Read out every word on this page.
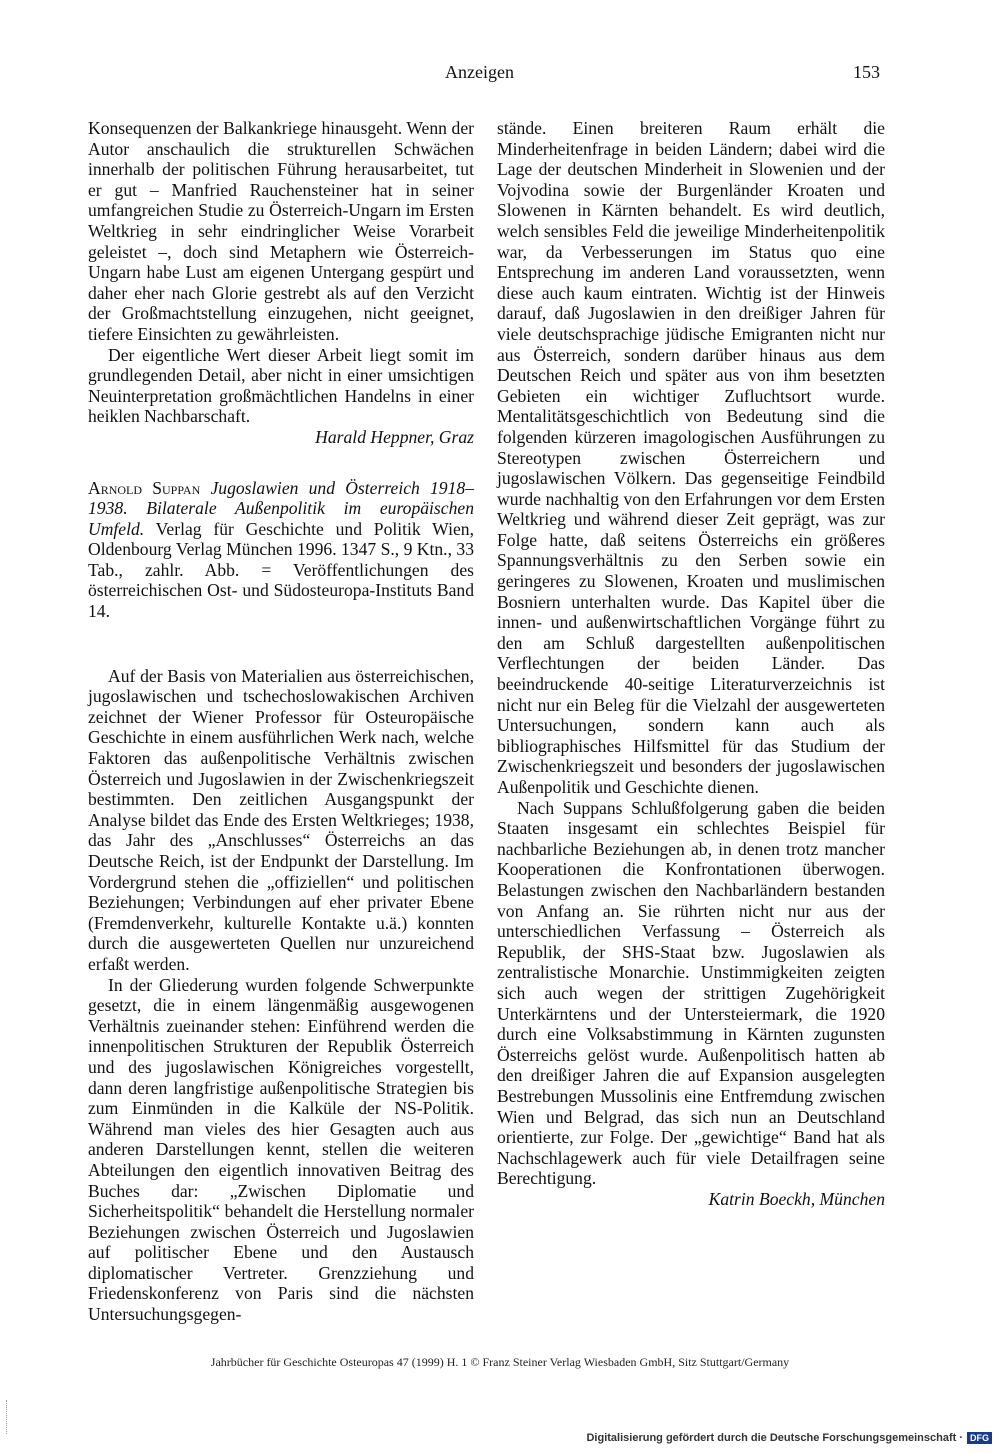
Anzeigen	153

Konsequenzen der Balkankriege hinausgeht. Wenn der Autor anschaulich die strukturellen Schwächen innerhalb der politischen Führung herausarbeitet, tut er gut – Manfried Rauchensteiner hat in seiner umfangreichen Studie zu Österreich-Ungarn im Ersten Weltkrieg in sehr eindringlicher Weise Vorarbeit geleistet –, doch sind Metaphern wie Österreich-Ungarn habe Lust am eigenen Untergang gespürt und daher eher nach Glorie gestrebt als auf den Verzicht der Großmachtstellung einzugehen, nicht geeignet, tiefere Einsichten zu gewährleisten.

Der eigentliche Wert dieser Arbeit liegt somit im grundlegenden Detail, aber nicht in einer umsichtigen Neuinterpretation großmächtlichen Handelns in einer heiklen Nachbarschaft.

Harald Heppner, Graz

Arnold Suppan Jugoslawien und Österreich 1918–1938. Bilaterale Außenpolitik im europäischen Umfeld. Verlag für Geschichte und Politik Wien, Oldenbourg Verlag München 1996. 1347 S., 9 Ktn., 33 Tab., zahlr. Abb. = Veröffentlichungen des österreichischen Ost- und Südosteuropa-Instituts Band 14.

Auf der Basis von Materialien aus österreichischen, jugoslawischen und tschechoslowakischen Archiven zeichnet der Wiener Professor für Osteuropäische Geschichte in einem ausführlichen Werk nach, welche Faktoren das außenpolitische Verhältnis zwischen Österreich und Jugoslawien in der Zwischenkriegszeit bestimmten. Den zeitlichen Ausgangspunkt der Analyse bildet das Ende des Ersten Weltkrieges; 1938, das Jahr des „Anschlusses“ Österreichs an das Deutsche Reich, ist der Endpunkt der Darstellung. Im Vordergrund stehen die „offiziellen“ und politischen Beziehungen; Verbindungen auf eher privater Ebene (Fremdenverkehr, kulturelle Kontakte u.ä.) konnten durch die ausgewerteten Quellen nur unzureichend erfaßt werden.

In der Gliederung wurden folgende Schwerpunkte gesetzt, die in einem längenmäßig ausgewogenen Verhältnis zueinander stehen: Einführend werden die innenpolitischen Strukturen der Republik Österreich und des jugoslawischen Königreiches vorgestellt, dann deren langfristige außenpolitische Strategien bis zum Einmünden in die Kalküle der NS-Politik. Während man vieles des hier Gesagten auch aus anderen Darstellungen kennt, stellen die weiteren Abteilungen den eigentlich innovativen Beitrag des Buches dar: „Zwischen Diplomatie und Sicherheitspolitik“ behandelt die Herstellung normaler Beziehungen zwischen Österreich und Jugoslawien auf politischer Ebene und den Austausch diplomatischer Vertreter. Grenzziehung und Friedenskonferenz von Paris sind die nächsten Untersuchungsgegen-

stände. Einen breiteren Raum erhält die Minderheitenfrage in beiden Ländern; dabei wird die Lage der deutschen Minderheit in Slowenien und der Vojvodina sowie der Burgenländer Kroaten und Slowenen in Kärnten behandelt. Es wird deutlich, welch sensibles Feld die jeweilige Minderheitenpolitik war, da Verbesserungen im Status quo eine Entsprechung im anderen Land voraussetzten, wenn diese auch kaum eintraten. Wichtig ist der Hinweis darauf, daß Jugoslawien in den dreißiger Jahren für viele deutschsprachige jüdische Emigranten nicht nur aus Österreich, sondern darüber hinaus aus dem Deutschen Reich und später aus von ihm besetzten Gebieten ein wichtiger Zufluchtsort wurde. Mentalitätsgeschichtlich von Bedeutung sind die folgenden kürzeren imagologischen Ausführungen zu Stereotypen zwischen Österreichern und jugoslawischen Völkern. Das gegenseitige Feindbild wurde nachhaltig von den Erfahrungen vor dem Ersten Weltkrieg und während dieser Zeit geprägt, was zur Folge hatte, daß seitens Österreichs ein größeres Spannungsverhältnis zu den Serben sowie ein geringeres zu Slowenen, Kroaten und muslimischen Bosniern unterhalten wurde. Das Kapitel über die innen- und außenwirtschaftlichen Vorgänge führt zu den am Schluß dargestellten außenpolitischen Verflechtungen der beiden Länder. Das beeindruckende 40-seitige Literaturverzeichnis ist nicht nur ein Beleg für die Vielzahl der ausgewerteten Untersuchungen, sondern kann auch als bibliographisches Hilfsmittel für das Studium der Zwischenkriegszeit und besonders der jugoslawischen Außenpolitik und Geschichte dienen.

Nach Suppans Schlußfolgerung gaben die beiden Staaten insgesamt ein schlechtes Beispiel für nachbarliche Beziehungen ab, in denen trotz mancher Kooperationen die Konfrontationen überwogen. Belastungen zwischen den Nachbarländern bestanden von Anfang an. Sie rührten nicht nur aus der unterschiedlichen Verfassung – Österreich als Republik, der SHS-Staat bzw. Jugoslawien als zentralistische Monarchie. Unstimmigkeiten zeigten sich auch wegen der strittigen Zugehörigkeit Unterkärntens und der Untersteiermark, die 1920 durch eine Volksabstimmung in Kärnten zugunsten Österreichs gelöst wurde. Außenpolitisch hatten ab den dreißiger Jahren die auf Expansion ausgelegten Bestrebungen Mussolinis eine Entfremdung zwischen Wien und Belgrad, das sich nun an Deutschland orientierte, zur Folge. Der „gewichtige“ Band hat als Nachschlagewerk auch für viele Detailfragen seine Berechtigung.

Katrin Boeckh, München

Jahrbücher für Geschichte Osteuropas 47 (1999) H. 1 © Franz Steiner Verlag Wiesbaden GmbH, Sitz Stuttgart/Germany
Digitalisierung gefördert durch die Deutsche Forschungsgemeinschaft · DFG
